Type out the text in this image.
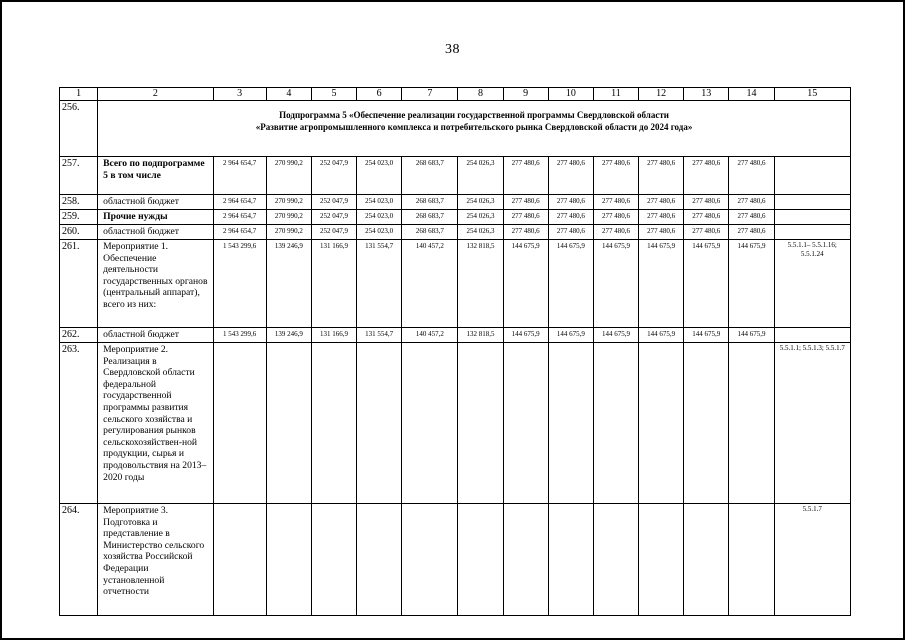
38
1	2	3	4	5	6	7	8	9	10	11	12	13	14	15
256.	Подпрограмма 5 «Обеспечение реализации государственной программы Свердловской области
«Развитие агропромышленного комплекса и потребительского рынка Свердловской области до 2024 года»													

257.	Всего по подпрограмме 5 в том числе	2 964 654,7	270 990,2	252 047,9	254 023,0	268 683,7	254 026,3	277 480,6	277 480,6	277 480,6	277 480,6	277 480,6	277 480,6	
258.	областной бюджет	2 964 654,7	270 990,2	252 047,9	254 023,0	268 683,7	254 026,3	277 480,6	277 480,6	277 480,6	277 480,6	277 480,6	277 480,6	
259.	Прочие нужды	2 964 654,7	270 990,2	252 047,9	254 023,0	268 683,7	254 026,3	277 480,6	277 480,6	277 480,6	277 480,6	277 480,6	277 480,6	
260.	областной бюджет	2 964 654,7	270 990,2	252 047,9	254 023,0	268 683,7	254 026,3	277 480,6	277 480,6	277 480,6	277 480,6	277 480,6	277 480,6	
261.	Мероприятие 1. Обеспечение деятельности государственных органов (центральный аппарат), всего из них:	1 543 299,6	139 246,9	131 166,9	131 554,7	140 457,2	132 818,5	144 675,9	144 675,9	144 675,9	144 675,9	144 675,9	144 675,9	5.5.1.1– 5.5.1.16; 5.5.1.24
262.	областной бюджет	1 543 299,6	139 246,9	131 166,9	131 554,7	140 457,2	132 818,5	144 675,9	144 675,9	144 675,9	144 675,9	144 675,9	144 675,9	
263.	Мероприятие 2. Реализация в Свердловской области федеральной государственной программы развития сельского хозяйства и регулирования рынков сельскохозяйствен-ной продукции, сырья и продовольствия на 2013–2020 годы													5.5.1.1; 5.5.1.3; 5.5.1.7
264.	Мероприятие 3. Подготовка и представление в Министерство сельского хозяйства Российской Федерации установленной отчетности													5.5.1.7
